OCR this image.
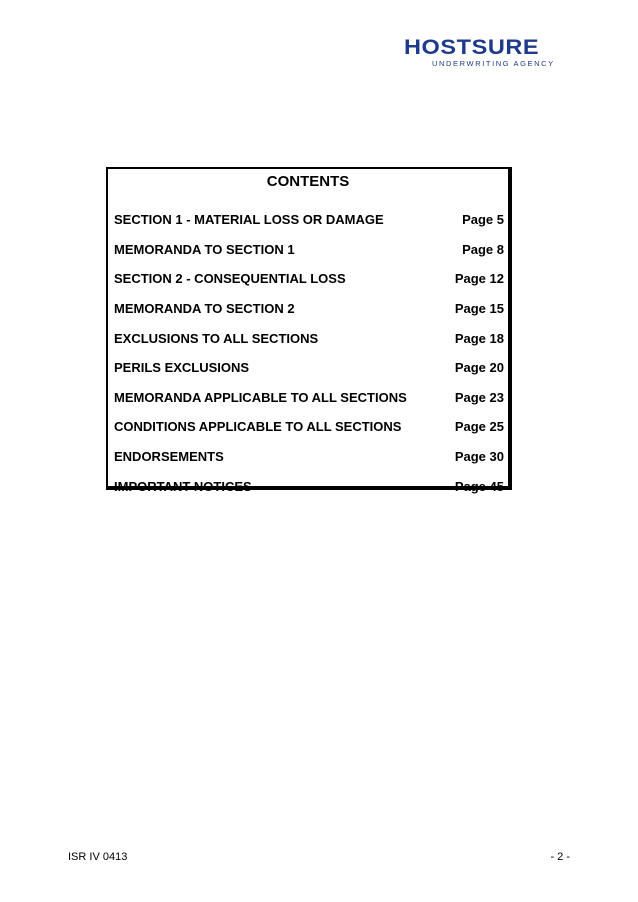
HOSTSURE
UNDERWRITING AGENCY
CONTENTS
SECTION 1 - MATERIAL LOSS OR DAMAGE	Page 5
MEMORANDA TO SECTION 1	Page 8
SECTION 2 - CONSEQUENTIAL LOSS	Page 12
MEMORANDA TO SECTION 2	Page 15
EXCLUSIONS TO ALL SECTIONS	Page 18
PERILS EXCLUSIONS	Page 20
MEMORANDA APPLICABLE TO ALL SECTIONS	Page 23
CONDITIONS APPLICABLE TO ALL SECTIONS	Page 25
ENDORSEMENTS	Page 30
IMPORTANT NOTICES	Page 45
ISR IV 0413	- 2 -
